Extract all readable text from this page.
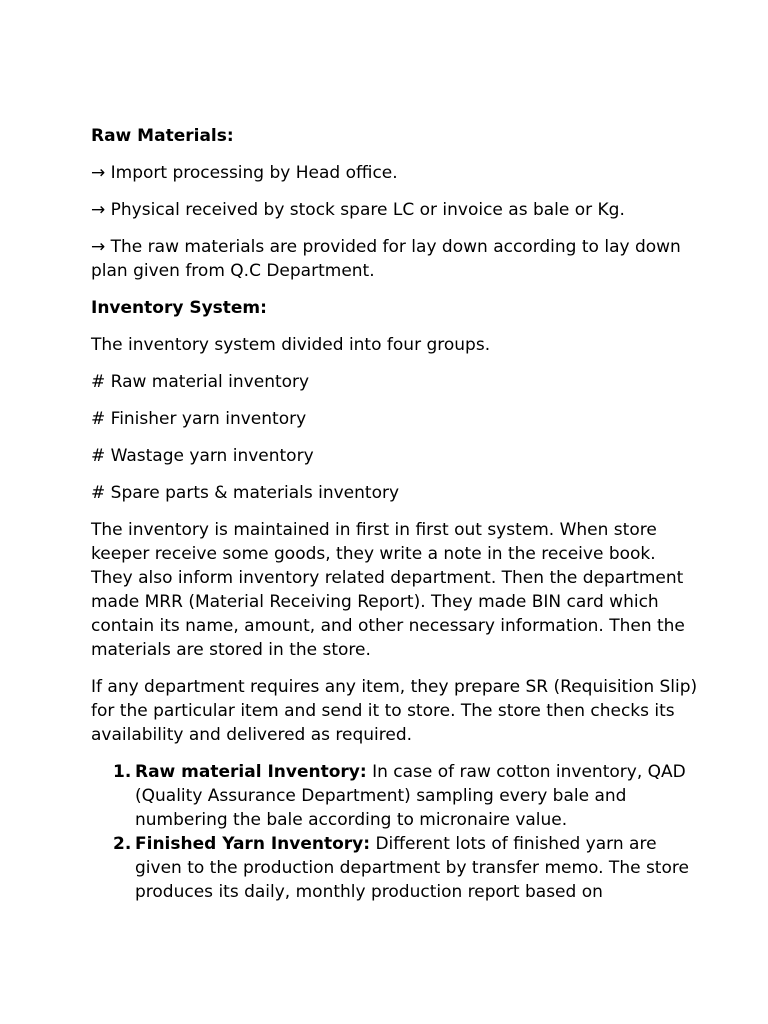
Raw Materials:
→ Import processing by Head office.
→ Physical received by stock spare LC or invoice as bale or Kg.
→ The raw materials are provided for lay down according to lay down plan given from Q.C Department.
Inventory System:
The inventory system divided into four groups.
# Raw material inventory
# Finisher yarn inventory
# Wastage yarn inventory
# Spare parts & materials inventory
The inventory is maintained in first in first out system. When store keeper receive some goods, they write a note in the receive book. They also inform inventory related department. Then the department made MRR (Material Receiving Report). They made BIN card which contain its name, amount, and other necessary information. Then the materials are stored in the store.
If any department requires any item, they prepare SR (Requisition Slip) for the particular item and send it to store. The store then checks its availability and delivered as required.
1. Raw material Inventory: In case of raw cotton inventory, QAD (Quality Assurance Department) sampling every bale and numbering the bale according to micronaire value.
2. Finished Yarn Inventory: Different lots of finished yarn are given to the production department by transfer memo. The store produces its daily, monthly production report based on
